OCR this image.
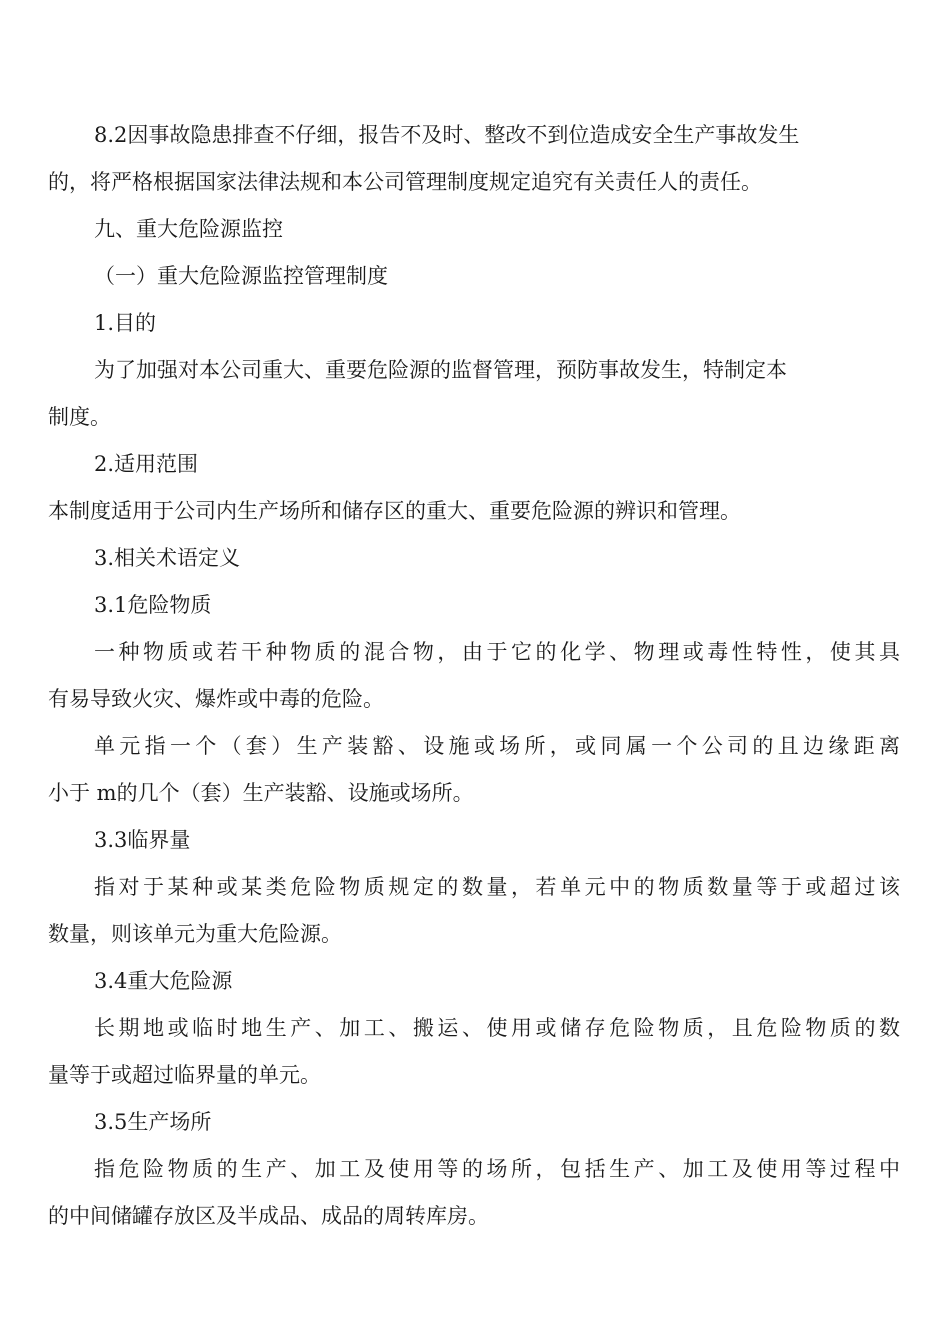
8.2因事故隐患排查不仔细，报告不及时、整改不到位造成安全生产事故发生

的，将严格根据国家法律法规和本公司管理制度规定追究有关责任人的责任。

九、重大危险源监控

（一）重大危险源监控管理制度

1.目的

为了加强对本公司重大、重要危险源的监督管理，预防事故发生，特制定本

制度。

2.适用范围

本制度适用于公司内生产场所和储存区的重大、重要危险源的辨识和管理。

3.相关术语定义

3.1危险物质

一种物质或若干种物质的混合物，由于它的化学、物理或毒性特性，使其具

有易导致火灾、爆炸或中毒的危险。

单元指一个（套）生产装豁、设施或场所，或同属一个公司的且边缘距离

小于 m的几个（套）生产装豁、设施或场所。

3.3临界量

指对于某种或某类危险物质规定的数量，若单元中的物质数量等于或超过该

数量，则该单元为重大危险源。

3.4重大危险源

长期地或临时地生产、加工、搬运、使用或储存危险物质，且危险物质的数

量等于或超过临界量的单元。

3.5生产场所

指危险物质的生产、加工及使用等的场所，包括生产、加工及使用等过程中

的中间储罐存放区及半成品、成品的周转库房。
